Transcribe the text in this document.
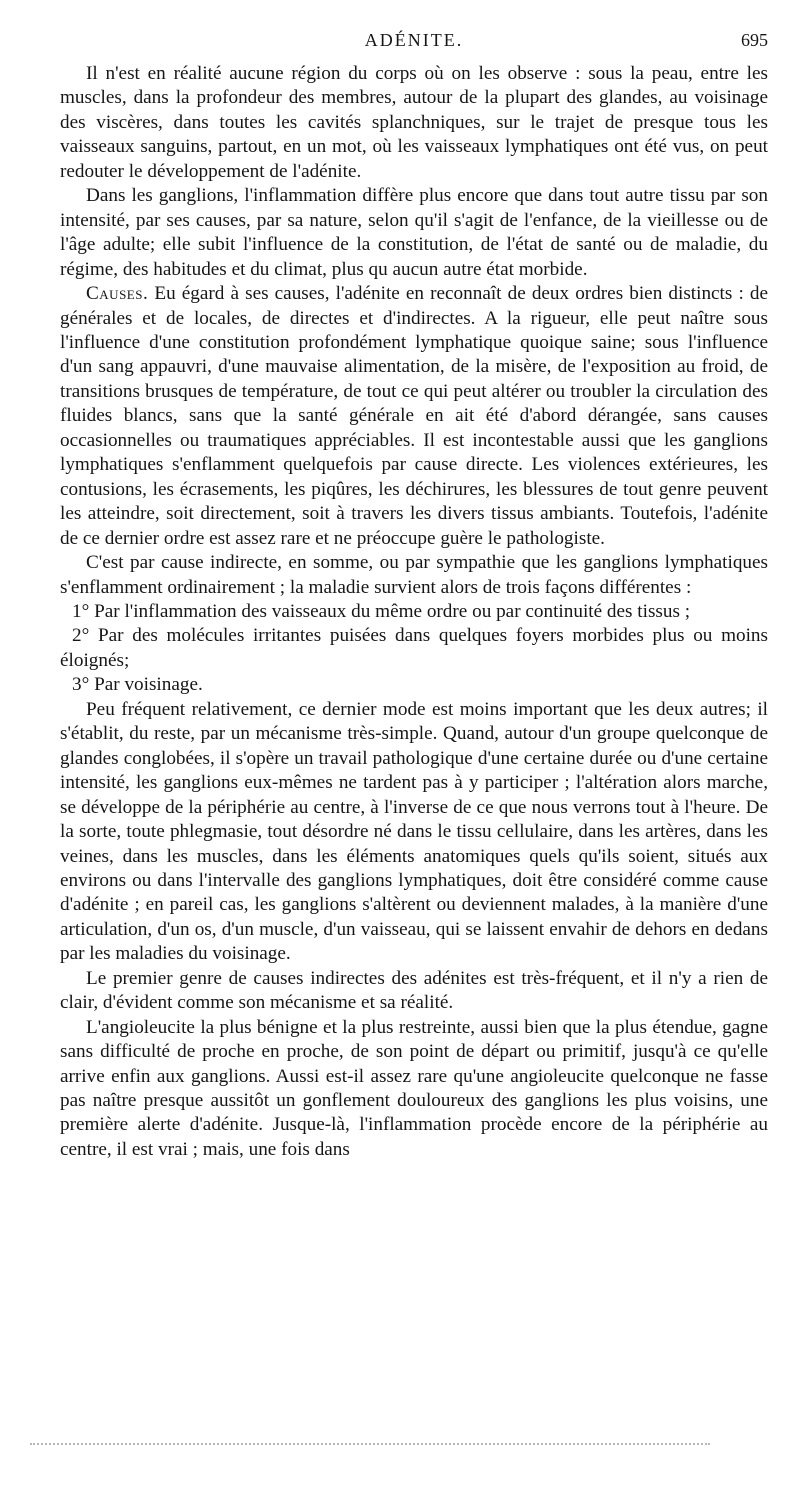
ADÉNITE.	695

Il n'est en réalité aucune région du corps où on les observe : sous la peau, entre les muscles, dans la profondeur des membres, autour de la plupart des glandes, au voisinage des viscères, dans toutes les cavités splanchniques, sur le trajet de presque tous les vaisseaux sanguins, partout, en un mot, où les vaisseaux lymphatiques ont été vus, on peut redouter le développement de l'adénite.

Dans les ganglions, l'inflammation diffère plus encore que dans tout autre tissu par son intensité, par ses causes, par sa nature, selon qu'il s'agit de l'enfance, de la vieillesse ou de l'âge adulte; elle subit l'influence de la constitution, de l'état de santé ou de maladie, du régime, des habitudes et du climat, plus qu aucun autre état morbide.

Causes. Eu égard à ses causes, l'adénite en reconnaît de deux ordres bien distincts : de générales et de locales, de directes et d'indirectes. A la rigueur, elle peut naître sous l'influence d'une constitution profondément lymphatique quoique saine; sous l'influence d'un sang appauvri, d'une mauvaise alimentation, de la misère, de l'exposition au froid, de transitions brusques de température, de tout ce qui peut altérer ou troubler la circulation des fluides blancs, sans que la santé générale en ait été d'abord dérangée, sans causes occasionnelles ou traumatiques appréciables. Il est incontestable aussi que les ganglions lymphatiques s'enflamment quelquefois par cause directe. Les violences extérieures, les contusions, les écrasements, les piqûres, les déchirures, les blessures de tout genre peuvent les atteindre, soit directement, soit à travers les divers tissus ambiants. Toutefois, l'adénite de ce dernier ordre est assez rare et ne préoccupe guère le pathologiste.

C'est par cause indirecte, en somme, ou par sympathie que les ganglions lymphatiques s'enflamment ordinairement ; la maladie survient alors de trois façons différentes :

1° Par l'inflammation des vaisseaux du même ordre ou par continuité des tissus ;

2° Par des molécules irritantes puisées dans quelques foyers morbides plus ou moins éloignés;

3° Par voisinage.

Peu fréquent relativement, ce dernier mode est moins important que les deux autres; il s'établit, du reste, par un mécanisme très-simple. Quand, autour d'un groupe quelconque de glandes conglobées, il s'opère un travail pathologique d'une certaine durée ou d'une certaine intensité, les ganglions eux-mêmes ne tardent pas à y participer ; l'altération alors marche, se développe de la périphérie au centre, à l'inverse de ce que nous verrons tout à l'heure. De la sorte, toute phlegmasie, tout désordre né dans le tissu cellulaire, dans les artères, dans les veines, dans les muscles, dans les éléments anatomiques quels qu'ils soient, situés aux environs ou dans l'intervalle des ganglions lymphatiques, doit être considéré comme cause d'adénite ; en pareil cas, les ganglions s'altèrent ou deviennent malades, à la manière d'une articulation, d'un os, d'un muscle, d'un vaisseau, qui se laissent envahir de dehors en dedans par les maladies du voisinage.

Le premier genre de causes indirectes des adénites est très-fréquent, et il n'y a rien de clair, d'évident comme son mécanisme et sa réalité.

L'angioleucite la plus bénigne et la plus restreinte, aussi bien que la plus étendue, gagne sans difficulté de proche en proche, de son point de départ ou primitif, jusqu'à ce qu'elle arrive enfin aux ganglions. Aussi est-il assez rare qu'une angioleucite quelconque ne fasse pas naître presque aussitôt un gonflement douloureux des ganglions les plus voisins, une première alerte d'adénite. Jusque-là, l'inflammation procède encore de la périphérie au centre, il est vrai ; mais, une fois dans
